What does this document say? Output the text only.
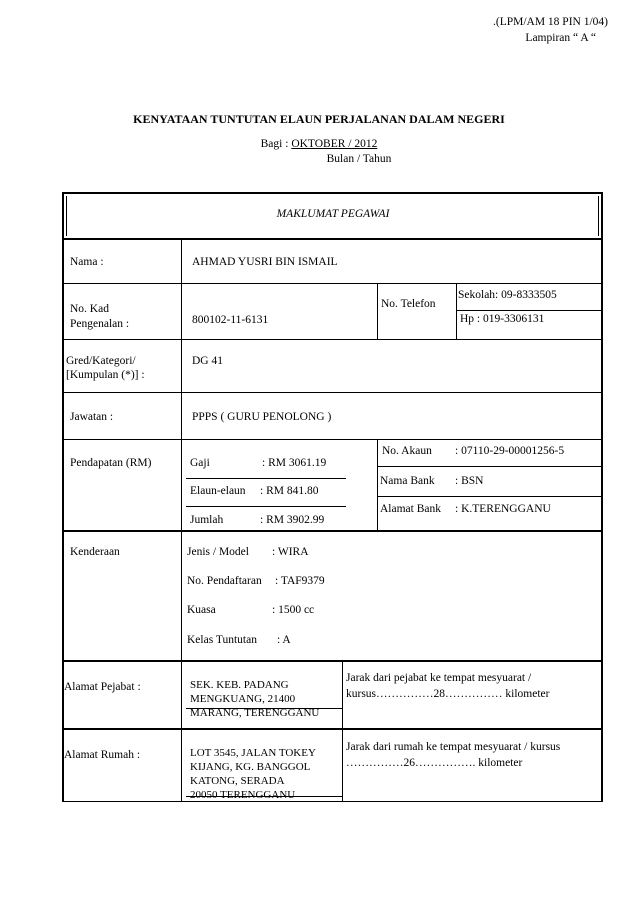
.(LPM/AM 18 PIN 1/04)
Lampiran “ A “
KENYATAAN TUNTUTAN ELAUN PERJALANAN DALAM NEGERI
Bagi : OKTOBER / 2012
Bulan / Tahun
MAKLUMAT PEGAWAI
Nama :	AHMAD YUSRI BIN ISMAIL
No. Kad
Pengenalan :	800102-11-6131
No. Telefon
Sekolah: 09-8333505
Hp : 019-3306131
Gred/Kategori/
[Kumpulan (*)] :
DG 41
Jawatan :	PPPS ( GURU PENOLONG )
Pendapatan (RM)	Gaji	: RM 3061.19
Elaun-elaun : RM 841.80
Jumlah	: RM 3902.99
No. Akaun : 07110-29-00001256-5
Nama Bank : BSN
Alamat Bank : K.TERENGGANU
Kenderaan	Jenis / Model : WIRA
No. Pendaftaran : TAF9379
Kuasa	: 1500 cc
Kelas Tuntutan : A
Alamat Pejabat :	SEK. KEB. PADANG
MENGKUANG, 21400
MARANG, TERENGGANU
Jarak dari pejabat ke tempat mesyuarat /
kursus……………28…………… kilometer
Alamat Rumah :	LOT 3545, JALAN TOKEY
KIJANG, KG. BANGGOL
KATONG, SERADA
20050 TERENGGANU
Jarak dari rumah ke tempat mesyuarat / kursus
……………26……………. kilometer
